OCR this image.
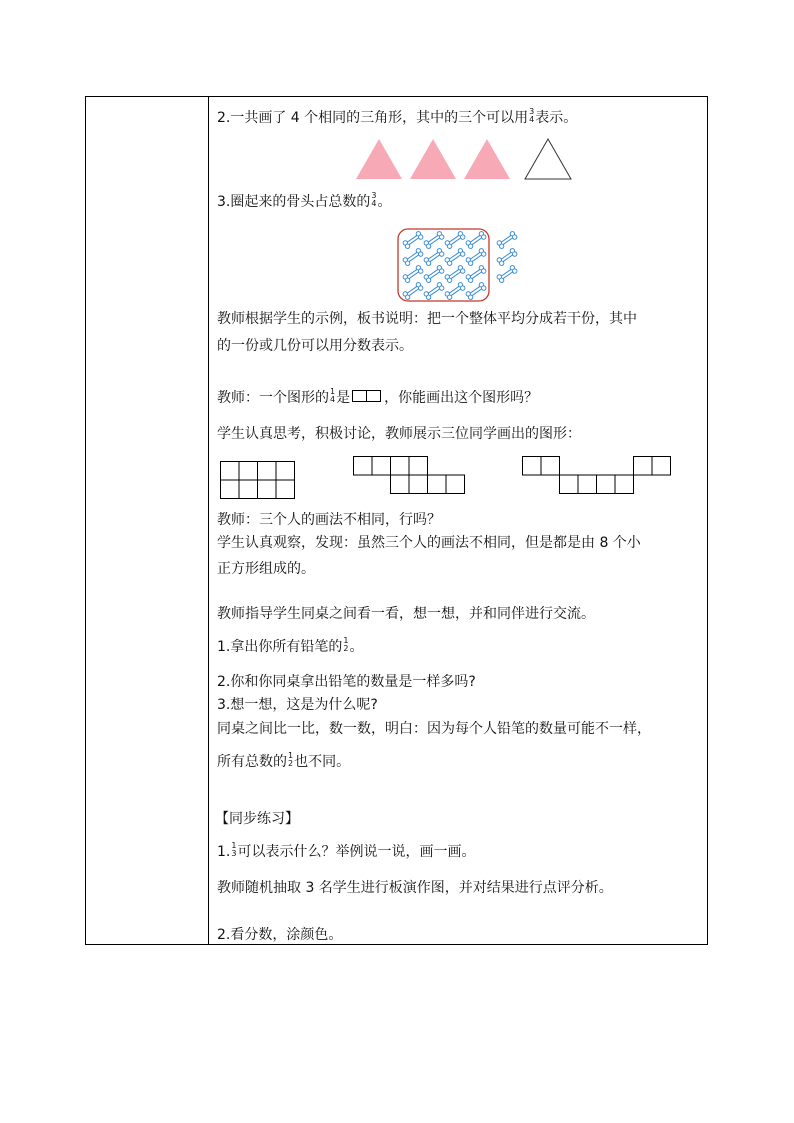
2.一共画了 4 个相同的三角形，其中的三个可以用 3
4 表示。
3.圈起来的骨头占总数的 3
4 。
教师根据学生的示例，板书说明：把一个整体平均分成若干份，其中
的一份或几份可以用分数表示。
教师：一个图形的 1
4 是 ，你能画出这个图形吗？
学生认真思考，积极讨论，教师展示三位同学画出的图形：
教师：三个人的画法不相同，行吗？
学生认真观察，发现：虽然三个人的画法不相同，但是都是由 8 个小
正方形组成的。
教师指导学生同桌之间看一看，想一想，并和同伴进行交流。
1.拿出你所有铅笔的 1
2 。
2.你和你同桌拿出铅笔的数量是一样多吗?
3.想一想，这是为什么呢?
同桌之间比一比，数一数，明白：因为每个人铅笔的数量可能不一样，
所有总数的 1
2 也不同。
【同步练习】
1. 1
3 可以表示什么？举例说一说，画一画。
教师随机抽取 3 名学生进行板演作图，并对结果进行点评分析。
2.看分数，涂颜色。
